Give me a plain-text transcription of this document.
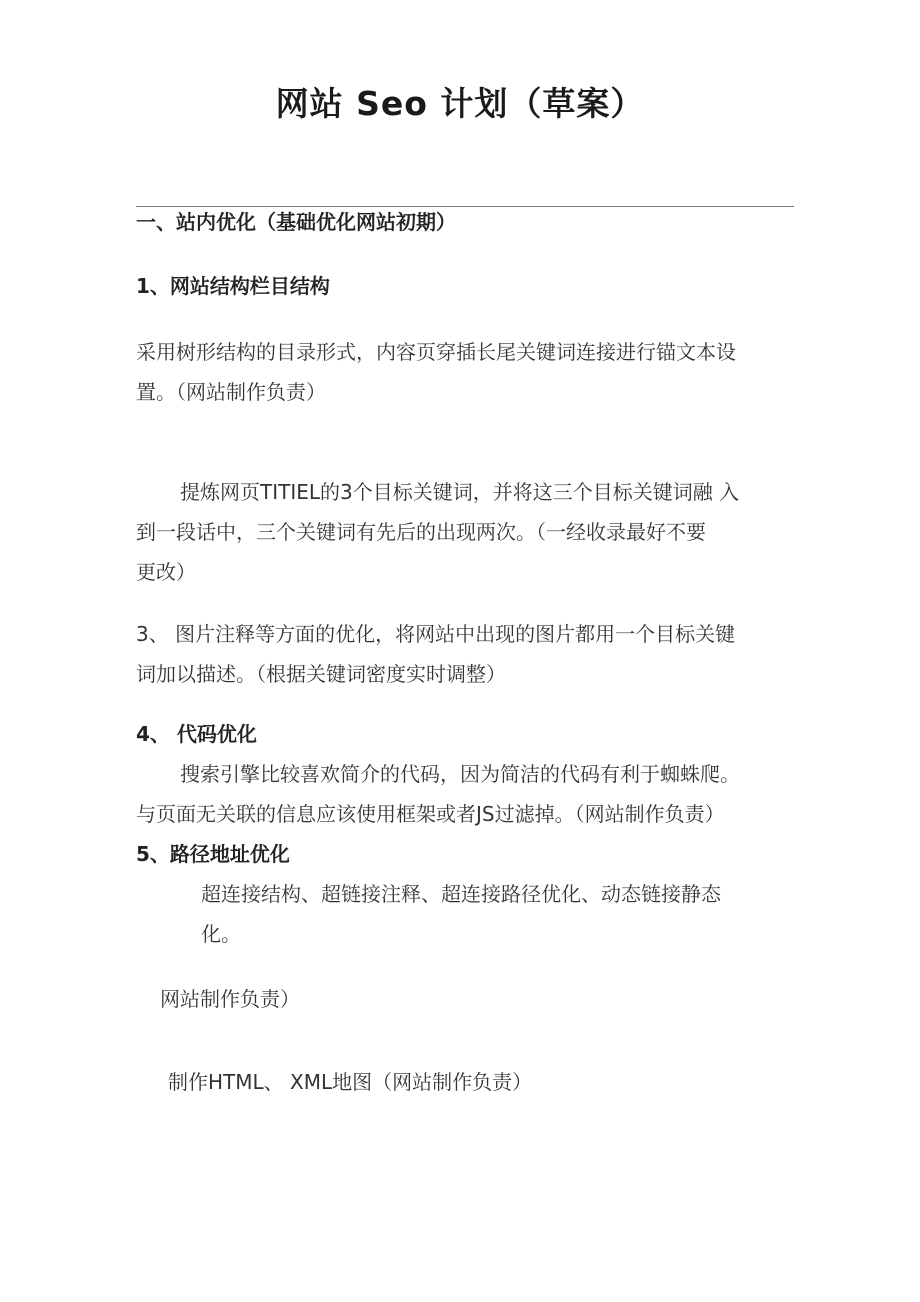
网站 Seo 计划（草案）

一、站内优化（基础优化网站初期）

1、网站结构栏目结构

采用树形结构的目录形式，内容页穿插长尾关键词连接进行锚文本设

置。（网站制作负责）

提炼网页TITIEL的3个目标关键词，并将这三个目标关键词融 入

到一段话中，三个关键词有先后的出现两次。（一经收录最好不要

更改）

3、 图片注释等方面的优化，将网站中出现的图片都用一个目标关键

词加以描述。（根据关键词密度实时调整）

4、 代码优化

搜索引擎比较喜欢简介的代码，因为简洁的代码有利于蜘蛛爬。

与页面无关联的信息应该使用框架或者JS过滤掉。（网站制作负责）

5、路径地址优化

超连接结构、超链接注释、超连接路径优化、动态链接静态

化。

网站制作负责）

制作HTML、 XML地图（网站制作负责）
